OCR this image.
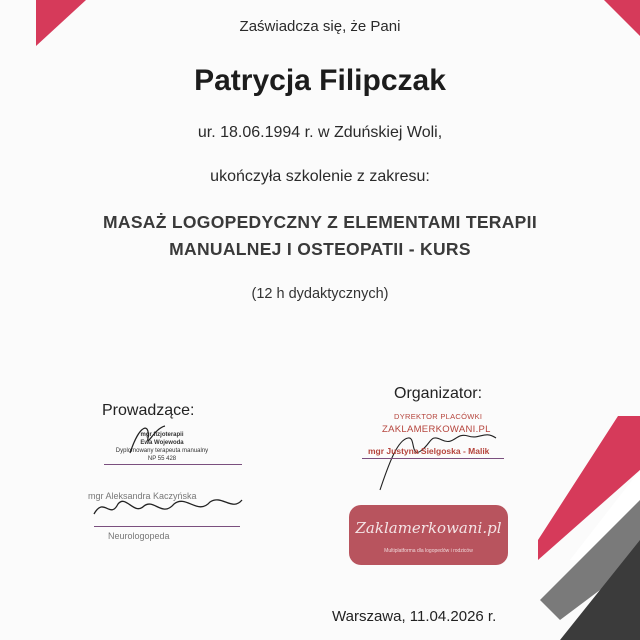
Zaświadcza się, że Pani
Patrycja Filipczak
ur. 18.06.1994 r. w Zduńskiej Woli,
ukończyła szkolenie z zakresu:
MASAŻ LOGOPEDYCZNY Z ELEMENTAMI TERAPII
MANUALNEJ I OSTEOPATII - KURS
(12 h dydaktycznych)
Prowadzące:
mgr fizjoterapii
Ewa Wojewoda
Dyplomowany terapeuta manualny
NP 55 428
mgr Aleksandra Kaczyńska
Neurologopeda
Organizator:
DYREKTOR PLACÓWKI
ZAKLAMERKOWANI.PL
mgr Justyna Sielgoska - Malik
Zaklamerkowani.pl
Multiplatforma dla logopedów i rodziców
Warszawa, 11.04.2026 r.
